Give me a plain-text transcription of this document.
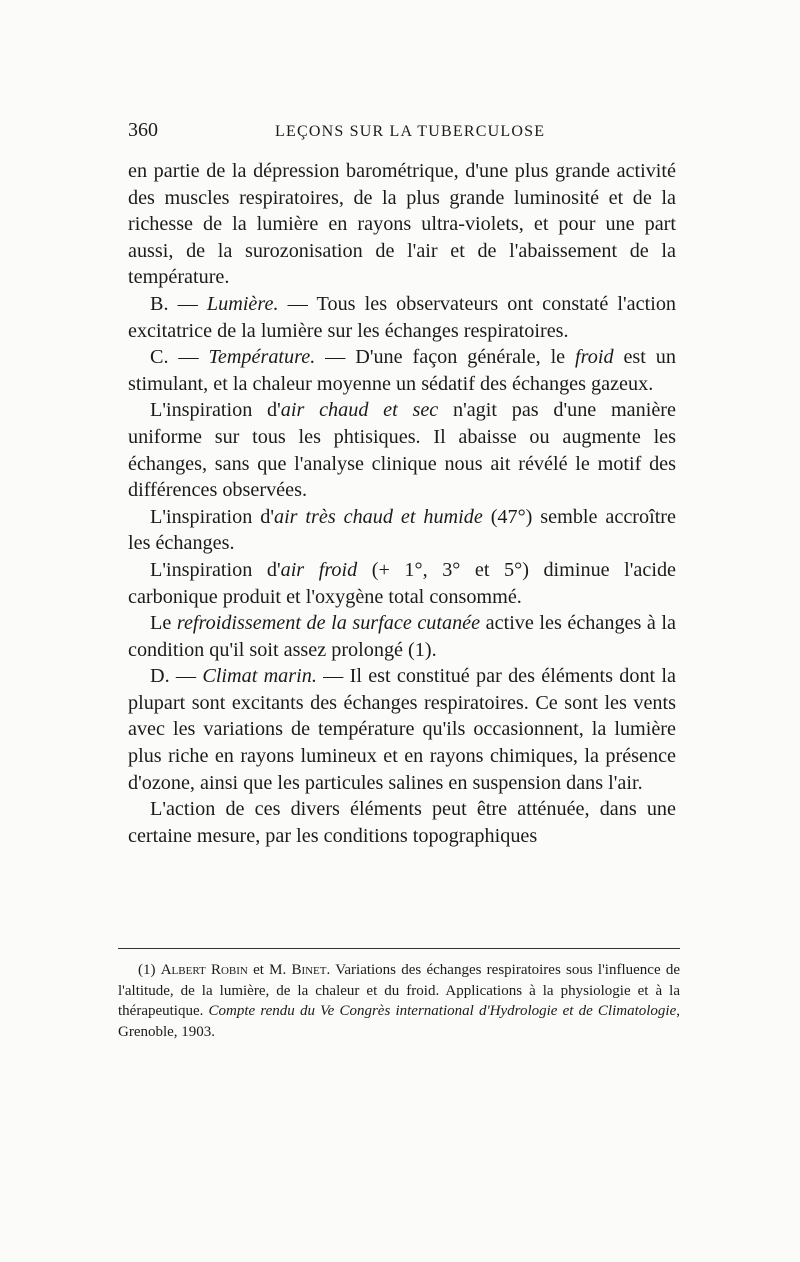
360	LEÇONS SUR LA TUBERCULOSE

en partie de la dépression barométrique, d'une plus grande activité des muscles respiratoires, de la plus grande luminosité et de la richesse de la lumière en rayons ultra-violets, et pour une part aussi, de la surozonisation de l'air et de l'abaissement de la température.

B. — Lumière. — Tous les observateurs ont constaté l'action excitatrice de la lumière sur les échanges respiratoires.

C. — Température. — D'une façon générale, le froid est un stimulant, et la chaleur moyenne un sédatif des échanges gazeux.

L'inspiration d'air chaud et sec n'agit pas d'une manière uniforme sur tous les phtisiques. Il abaisse ou augmente les échanges, sans que l'analyse clinique nous ait révélé le motif des différences observées.

L'inspiration d'air très chaud et humide (47°) semble accroître les échanges.

L'inspiration d'air froid (+ 1°, 3° et 5°) diminue l'acide carbonique produit et l'oxygène total consommé.

Le refroidissement de la surface cutanée active les échanges à la condition qu'il soit assez prolongé (1).

D. — Climat marin. — Il est constitué par des éléments dont la plupart sont excitants des échanges respiratoires. Ce sont les vents avec les variations de température qu'ils occasionnent, la lumière plus riche en rayons lumineux et en rayons chimiques, la présence d'ozone, ainsi que les particules salines en suspension dans l'air.

L'action de ces divers éléments peut être atténuée, dans une certaine mesure, par les conditions topographiques

(1) Albert Robin et M. Binet. Variations des échanges respiratoires sous l'influence de l'altitude, de la lumière, de la chaleur et du froid. Applications à la physiologie et à la thérapeutique. Compte rendu du Ve Congrès international d'Hydrologie et de Climatologie, Grenoble, 1903.
